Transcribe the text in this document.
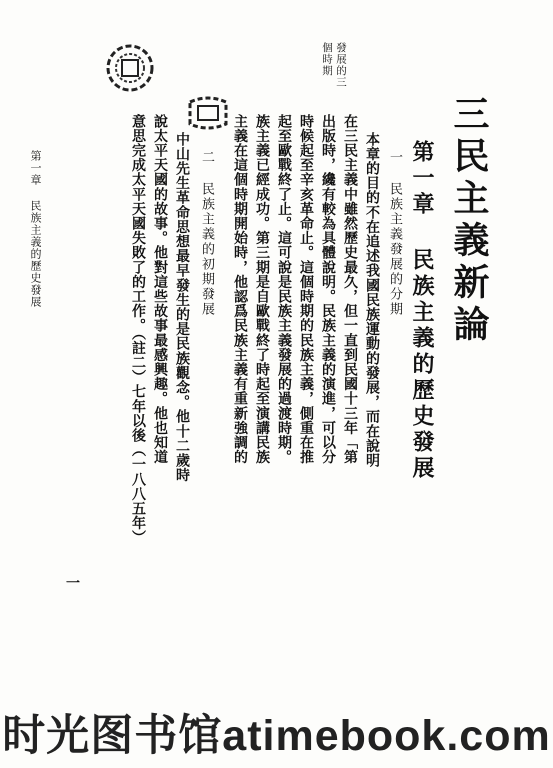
發展的三
個時期
三民主義新論
第一章 民族主義的歷史發展
一 民族主義發展的分期
本章的目的不在追述我國民族運動的發展，而在說明
在三民主義中雖然歷史最久，但一直到民國十三年「第
出版時，纔有較為具體說明。民族主義的演進，可以分
時候起至辛亥革命止。這個時期的民族主義，側重在推
起至歐戰終了止。這可說是民族主義發展的過渡時期。
族主義已經成功。第三期是自歐戰終了時起至演講民族
主義在這個時期開始時，他認爲民族主義有重新強調的
二 民族主義的初期發展
中山先生革命思想最早發生的是民族觀念。他十二歲時
說太平天國的故事。他對這些故事最感興趣。他也知道
意思完成太平天國失敗了的工作。（註二）七年以後（一八八五年）
第一章 民族主義的歷史發展
一
时光图书馆atimebook.com
